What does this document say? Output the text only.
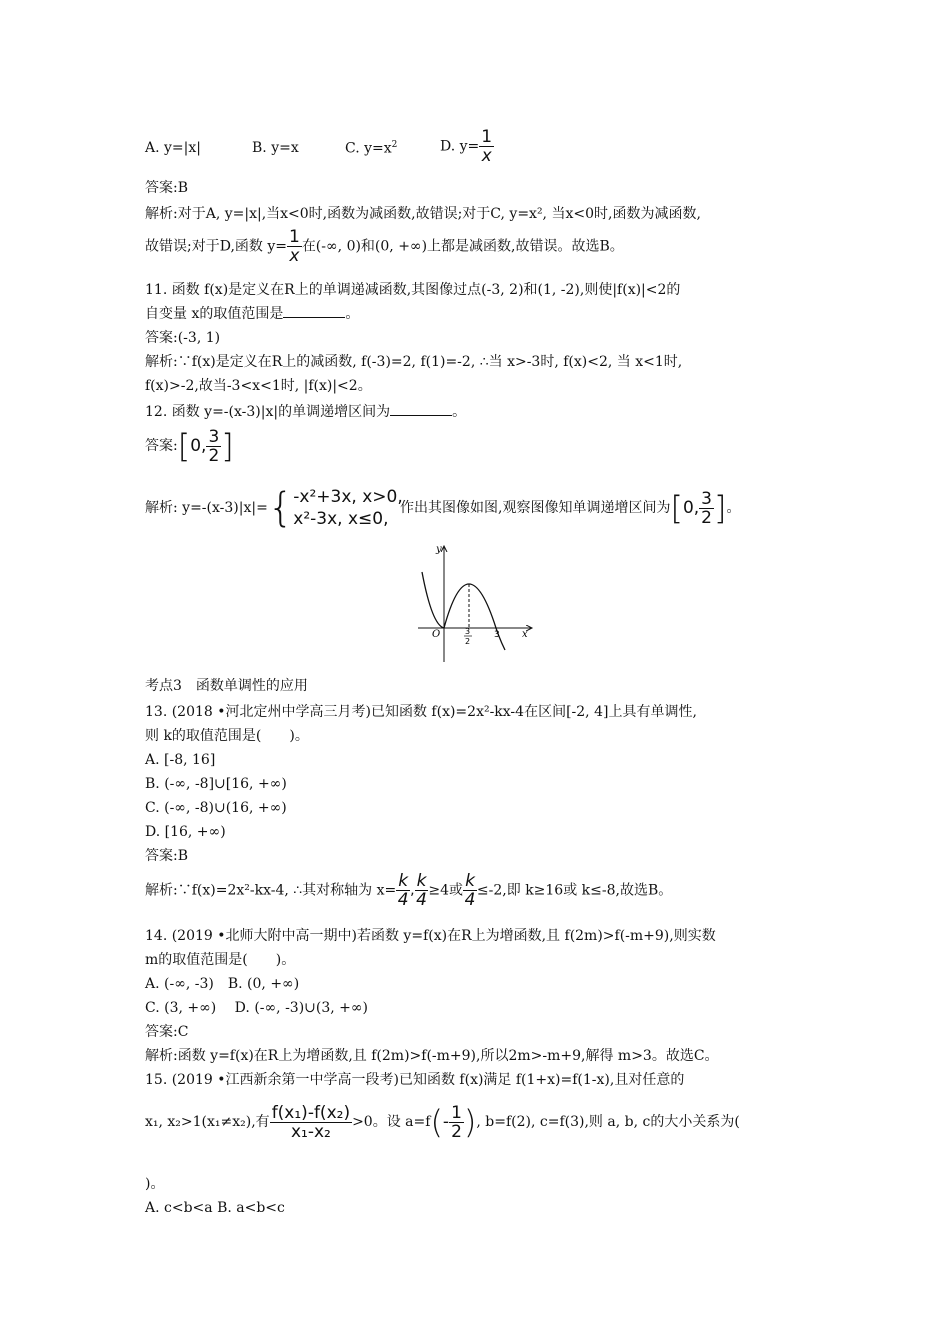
A. y=|x|	B. y=x	C. $y=x^2$	D. $y= \frac{1}{x}$
答案:B
解析:对于A, y=|x|,当x<0时,函数为减函数,故错误;对于C, y=x², 当x<0时,函数为减函数,
故错误;对于D,函数 $y= \frac{1}{x}$ 在(-∞, 0)和(0, +∞)上都是减函数,故错误。故选B。
11. 函数 f(x)是定义在R上的单调递减函数,其图像过点(-3, 2)和(1, -2),则使|f(x)|<2的
自变量 x的取值范围是	。
答案:(-3, 1)
解析:∵f(x)是定义在R上的减函数, f(-3)=2, f(1)=-2, ∴当 x>-3时, f(x)<2, 当 x<1时,
f(x)>-2,故当-3<x<1时, |f(x)|<2。
12. 函数 y=-(x-3)|x|的单调递增区间为	。
答案:[0, $\frac{3}{2}$ ]
解析: y=-(x-3)|x|={ -x²+3x, x>0,
x²-3x, x≤0,
作出其图像如图,观察图像知单调递增区间为[0, $\frac{3}{2}$ ]。
y
x
O	3
2
3
考点3　函数单调性的应用
13. (2018 •河北定州中学高三月考)已知函数 f(x)=2x²-kx-4在区间[-2, 4]上具有单调性,
则 k的取值范围是(　　)。
A. [-8, 16]
B. (-∞, -8]∪[16, +∞)
C. (-∞, -8)∪(16, +∞)
D. [16, +∞)
答案:B
解析:∵f(x)=2x²-kx-4, ∴其对称轴为 $x= \frac{k}{4}$ , $\frac{k}{4} \ge 4$或 $\frac{k}{4} \le-2$,即 k≥16或 k≤-8,故选B。
14. (2019 •北师大附中高一期中)若函数 y=f(x)在R上为增函数,且 f(2m)>f(-m+9),则实数
m的取值范围是(　　)。
A. (-∞, -3)　B. (0, +∞)
C. (3, +∞)　 D. (-∞, -3)∪(3, +∞)
答案:C
解析:函数 y=f(x)在R上为增函数,且 f(2m)>f(-m+9),所以2m>-m+9,解得 m>3。故选C。
15. (2019 •江西新余第一中学高一段考)已知函数 f(x)满足 f(1+x)=f(1-x),且对任意的
x₁, x₂>1(x₁≠x₂),有 $\frac{\text{f(x₁)-f(x₂)}}{\text{x₁-x₂}} >0$。设 $a=f(- \frac{1}{2}$ ), b=f(2), c=f(3),则 a, b, c的大小关系为(
)。
A. c<b<a B. a<b<c
